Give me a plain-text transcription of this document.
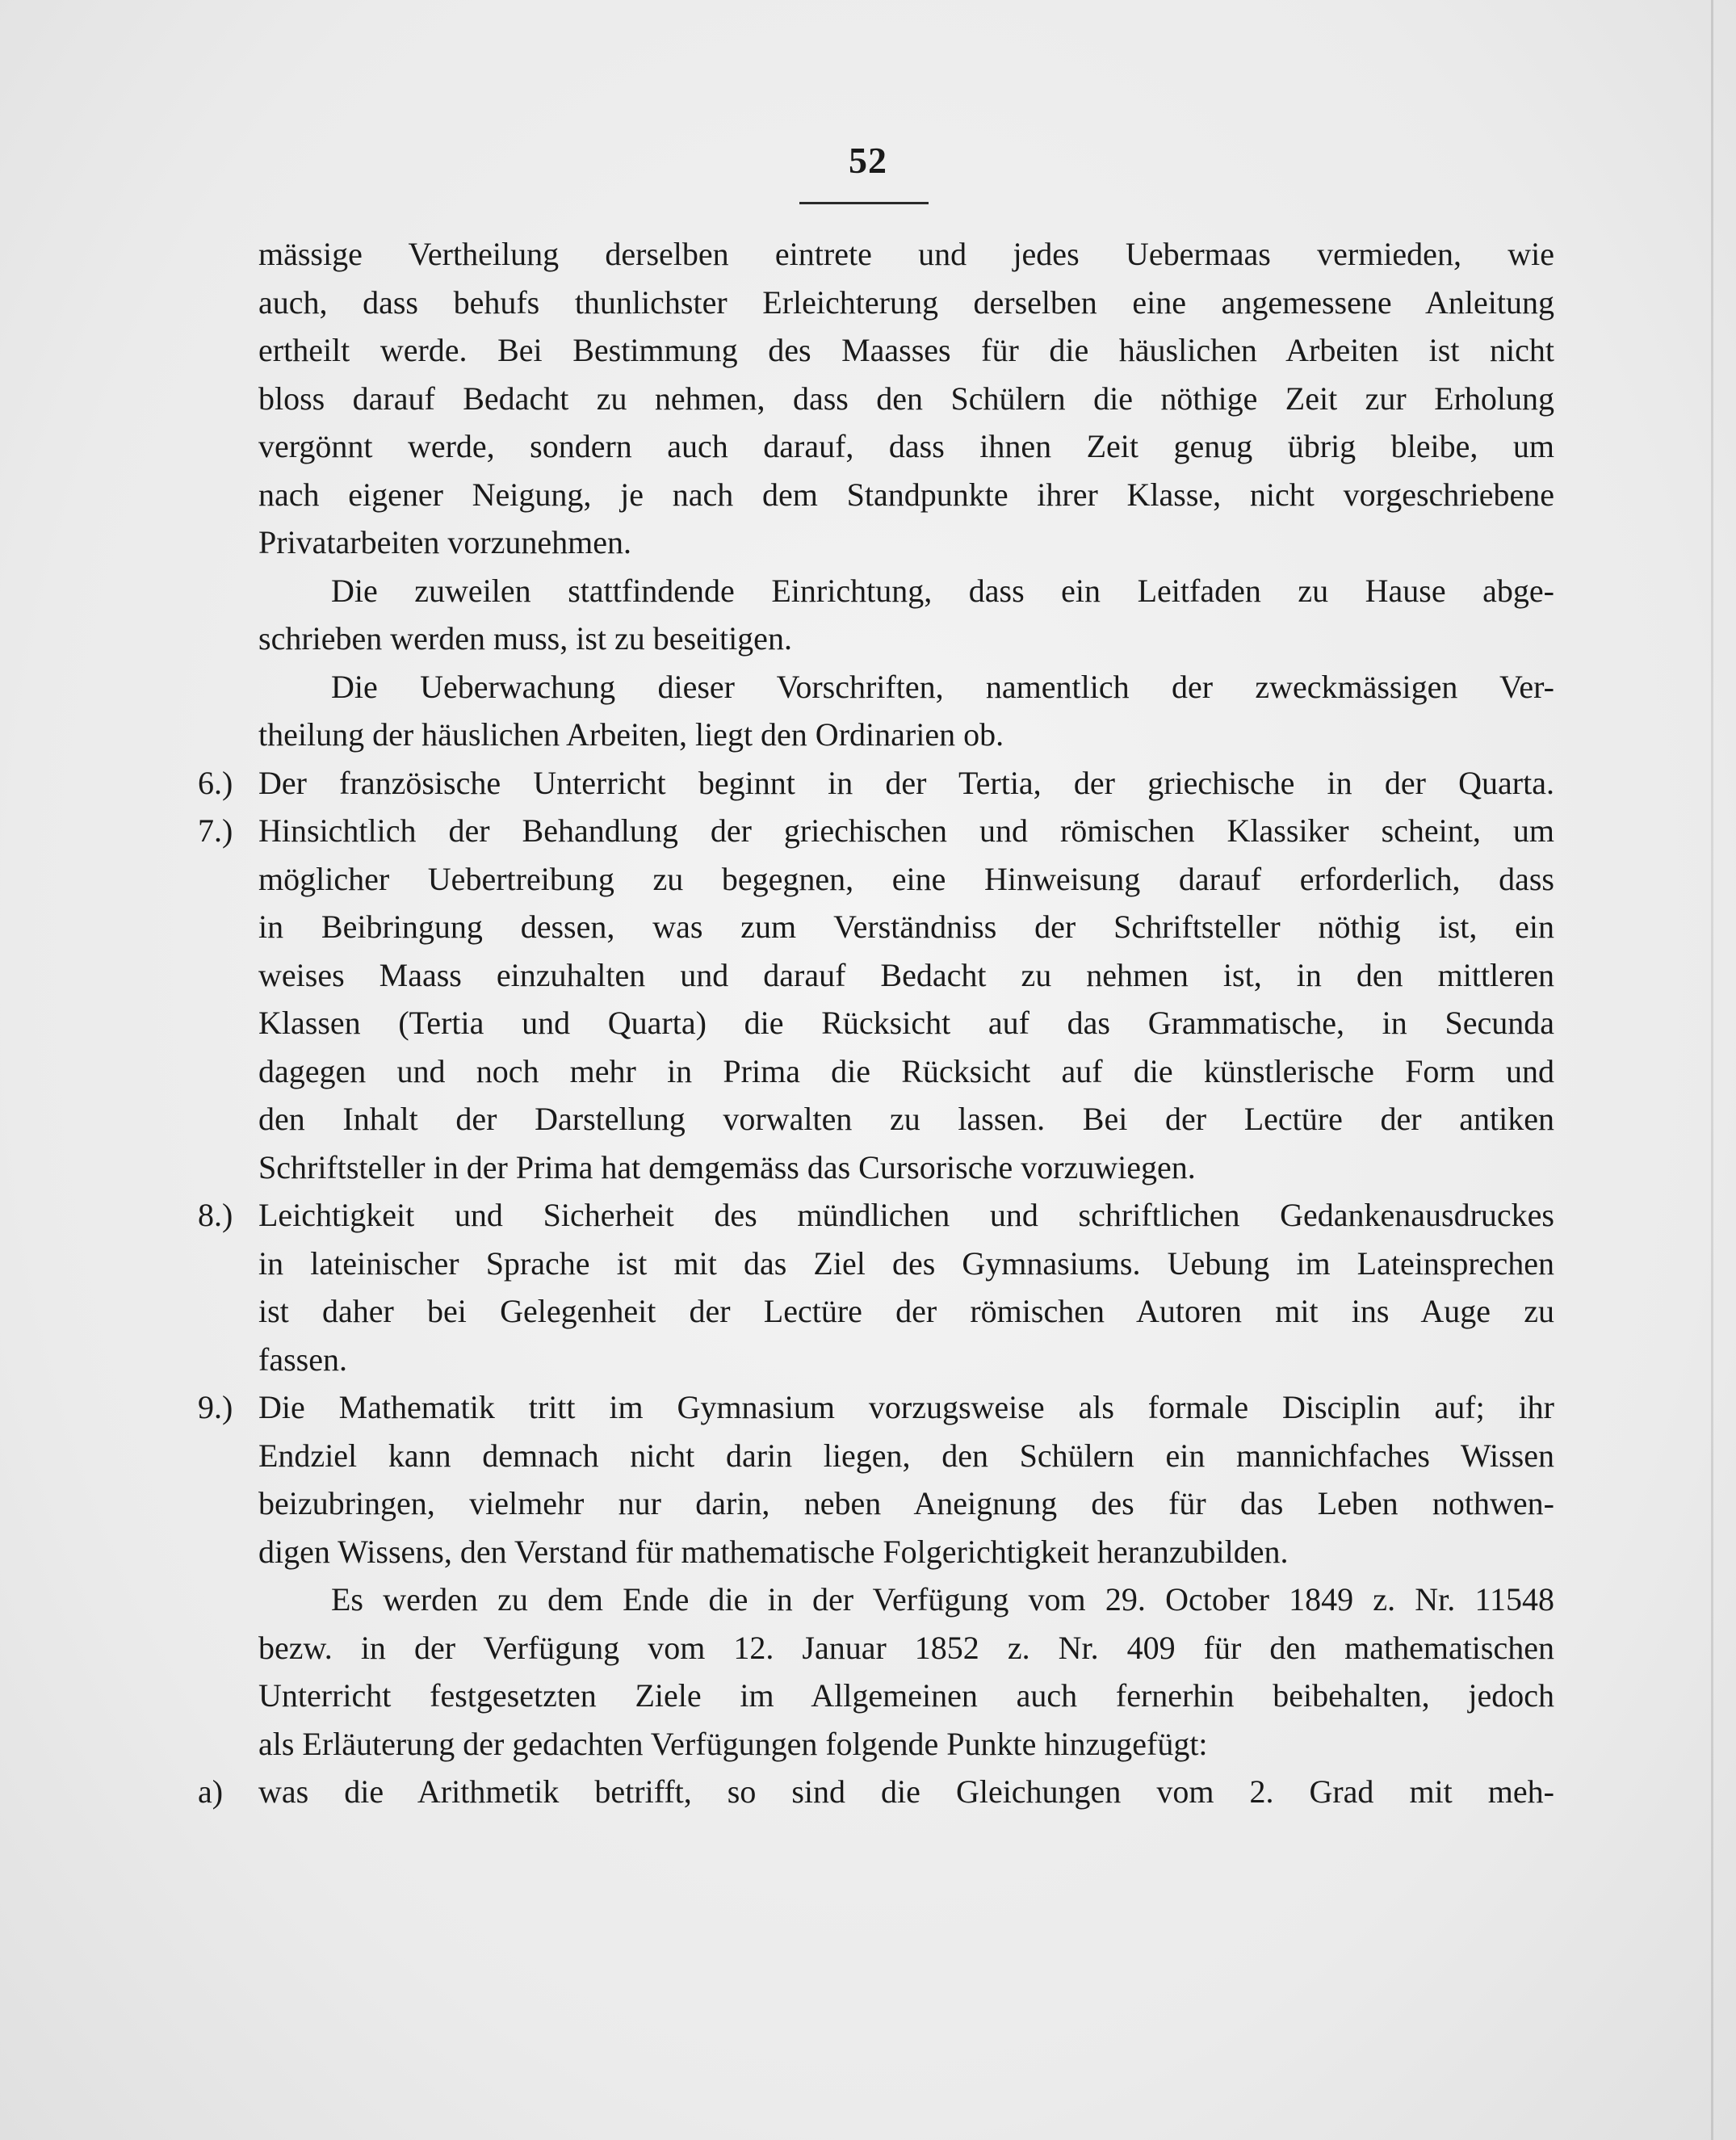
52
mässige Vertheilung derselben eintrete und jedes Uebermaas vermieden, wie
auch, dass behufs thunlichster Erleichterung derselben eine angemessene Anleitung
ertheilt werde. Bei Bestimmung des Maasses für die häuslichen Arbeiten ist nicht
bloss darauf Bedacht zu nehmen, dass den Schülern die nöthige Zeit zur Erholung
vergönnt werde, sondern auch darauf, dass ihnen Zeit genug übrig bleibe, um
nach eigener Neigung, je nach dem Standpunkte ihrer Klasse, nicht vorgeschriebene
Privatarbeiten vorzunehmen.
Die zuweilen stattfindende Einrichtung, dass ein Leitfaden zu Hause abge-
schrieben werden muss, ist zu beseitigen.
Die Ueberwachung dieser Vorschriften, namentlich der zweckmässigen Ver-
theilung der häuslichen Arbeiten, liegt den Ordinarien ob.
6.) Der französische Unterricht beginnt in der Tertia, der griechische in der Quarta.
7.) Hinsichtlich der Behandlung der griechischen und römischen Klassiker scheint, um
möglicher Uebertreibung zu begegnen, eine Hinweisung darauf erforderlich, dass
in Beibringung dessen, was zum Verständniss der Schriftsteller nöthig ist, ein
weises Maass einzuhalten und darauf Bedacht zu nehmen ist, in den mittleren
Klassen (Tertia und Quarta) die Rücksicht auf das Grammatische, in Secunda
dagegen und noch mehr in Prima die Rücksicht auf die künstlerische Form und
den Inhalt der Darstellung vorwalten zu lassen. Bei der Lectüre der antiken
Schriftsteller in der Prima hat demgemäss das Cursorische vorzuwiegen.
8.) Leichtigkeit und Sicherheit des mündlichen und schriftlichen Gedankenausdruckes
in lateinischer Sprache ist mit das Ziel des Gymnasiums. Uebung im Lateinsprechen
ist daher bei Gelegenheit der Lectüre der römischen Autoren mit ins Auge zu
fassen.
9.) Die Mathematik tritt im Gymnasium vorzugsweise als formale Disciplin auf; ihr
Endziel kann demnach nicht darin liegen, den Schülern ein mannichfaches Wissen
beizubringen, vielmehr nur darin, neben Aneignung des für das Leben nothwen-
digen Wissens, den Verstand für mathematische Folgerichtigkeit heranzubilden.
Es werden zu dem Ende die in der Verfügung vom 29. October 1849 z. Nr. 11548
bezw. in der Verfügung vom 12. Januar 1852 z. Nr. 409 für den mathematischen
Unterricht festgesetzten Ziele im Allgemeinen auch fernerhin beibehalten, jedoch
als Erläuterung der gedachten Verfügungen folgende Punkte hinzugefügt:
a) was die Arithmetik betrifft, so sind die Gleichungen vom 2. Grad mit meh-
